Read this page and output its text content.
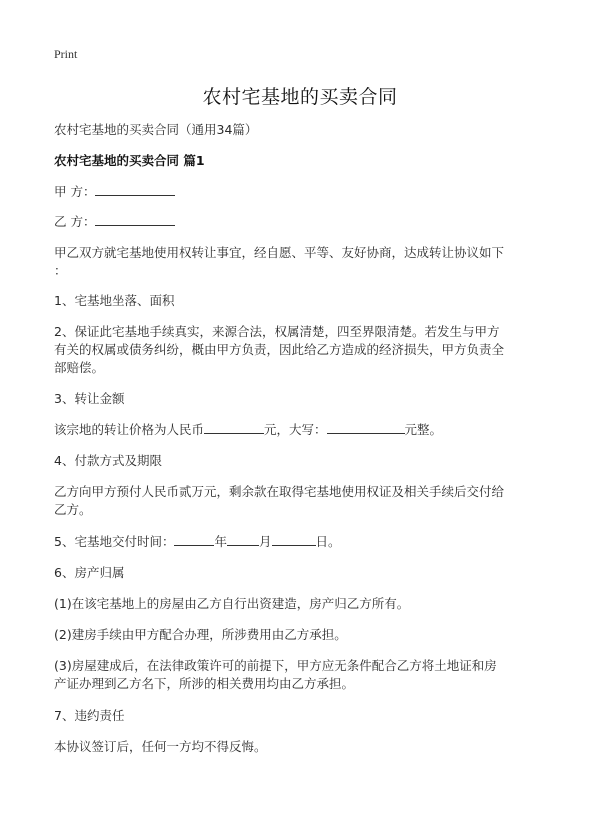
Print
农村宅基地的买卖合同
农村宅基地的买卖合同（通用34篇）
农村宅基地的买卖合同 篇1
甲 方：
乙 方：
甲乙双方就宅基地使用权转让事宜，经自愿、平等、友好协商，达成转让协议如下
：
1、宅基地坐落、面积
2、保证此宅基地手续真实，来源合法，权属清楚，四至界限清楚。若发生与甲方
有关的权属或债务纠纷，概由甲方负责，因此给乙方造成的经济损失，甲方负责全
部赔偿。
3、转让金额
该宗地的转让价格为人民币	元，大写：	元整。
4、付款方式及期限
乙方向甲方预付人民币贰万元，剩余款在取得宅基地使用权证及相关手续后交付给
乙方。
5、宅基地交付时间：	年	月	日。
6、房产归属
(1)在该宅基地上的房屋由乙方自行出资建造，房产归乙方所有。
(2)建房手续由甲方配合办理，所涉费用由乙方承担。
(3)房屋建成后，在法律政策许可的前提下，甲方应无条件配合乙方将土地证和房
产证办理到乙方名下，所涉的相关费用均由乙方承担。
7、违约责任
本协议签订后，任何一方均不得反悔。
